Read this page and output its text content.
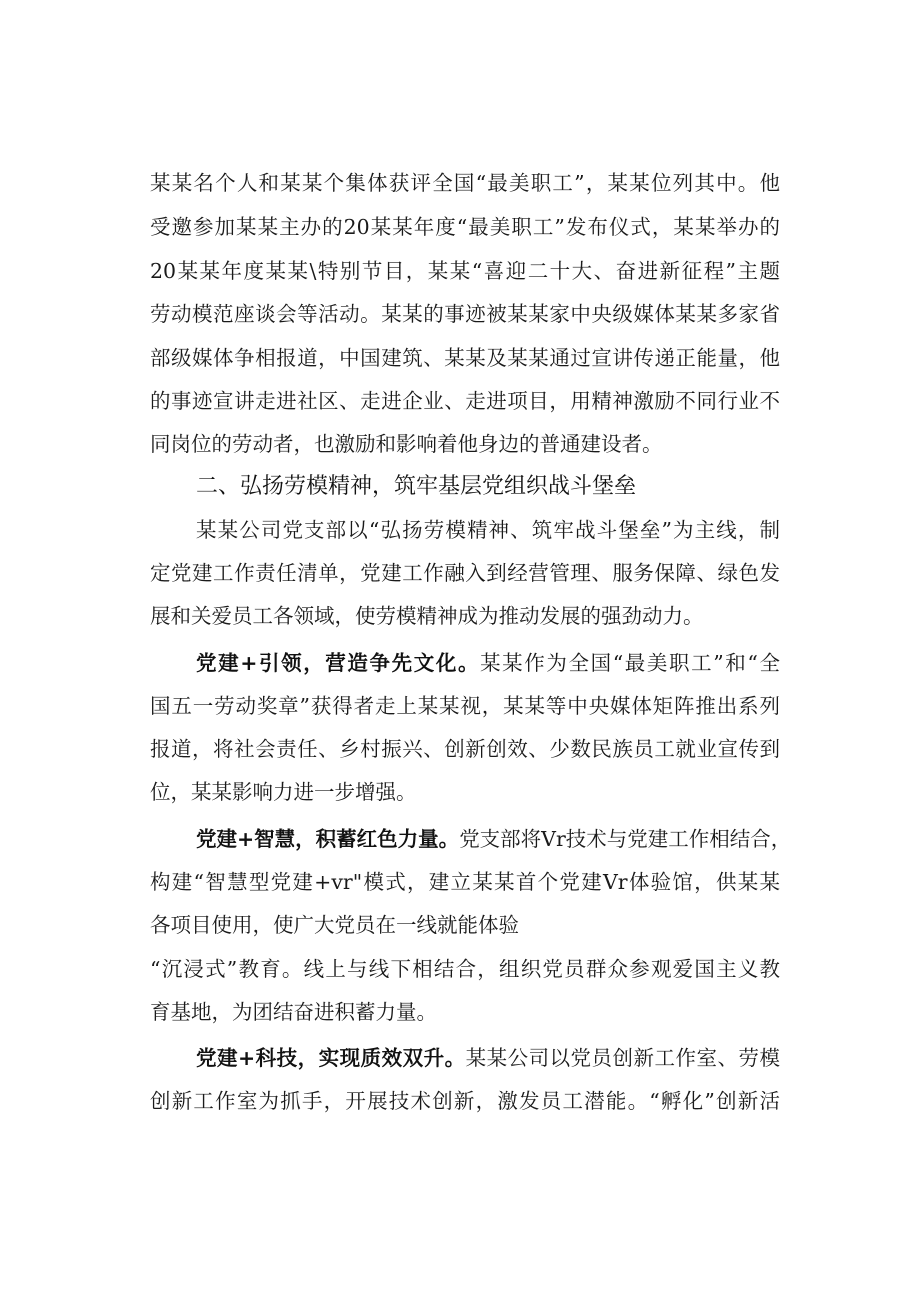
某某名个人和某某个集体获评全国“最美职工”，某某位列其中。他
受邀参加某某主办的20某某年度“最美职工”发布仪式，某某举办的
20某某年度某某\特别节目，某某“喜迎二十大、奋进新征程”主题
劳动模范座谈会等活动。某某的事迹被某某家中央级媒体某某多家省
部级媒体争相报道，中国建筑、某某及某某通过宣讲传递正能量，他
的事迹宣讲走进社区、走进企业、走进项目，用精神激励不同行业不
同岗位的劳动者，也激励和影响着他身边的普通建设者。
二、弘扬劳模精神，筑牢基层党组织战斗堡垒
某某公司党支部以“弘扬劳模精神、筑牢战斗堡垒”为主线，制
定党建工作责任清单，党建工作融入到经营管理、服务保障、绿色发
展和关爱员工各领域，使劳模精神成为推动发展的强劲动力。
党建+引领，营造争先文化。某某作为全国“最美职工”和“全
国五一劳动奖章”获得者走上某某视，某某等中央媒体矩阵推出系列
报道，将社会责任、乡村振兴、创新创效、少数民族员工就业宣传到
位，某某影响力进一步增强。
党建+智慧，积蓄红色力量。党支部将Vr技术与党建工作相结合，
构建“智慧型党建+vr"模式，建立某某首个党建Vr体验馆，供某某
各项目使用，使广大党员在一线就能体验
“沉浸式”教育。线上与线下相结合，组织党员群众参观爱国主义教
育基地，为团结奋进积蓄力量。
党建+科技，实现质效双升。某某公司以党员创新工作室、劳模
创新工作室为抓手，开展技术创新，激发员工潜能。“孵化”创新活
